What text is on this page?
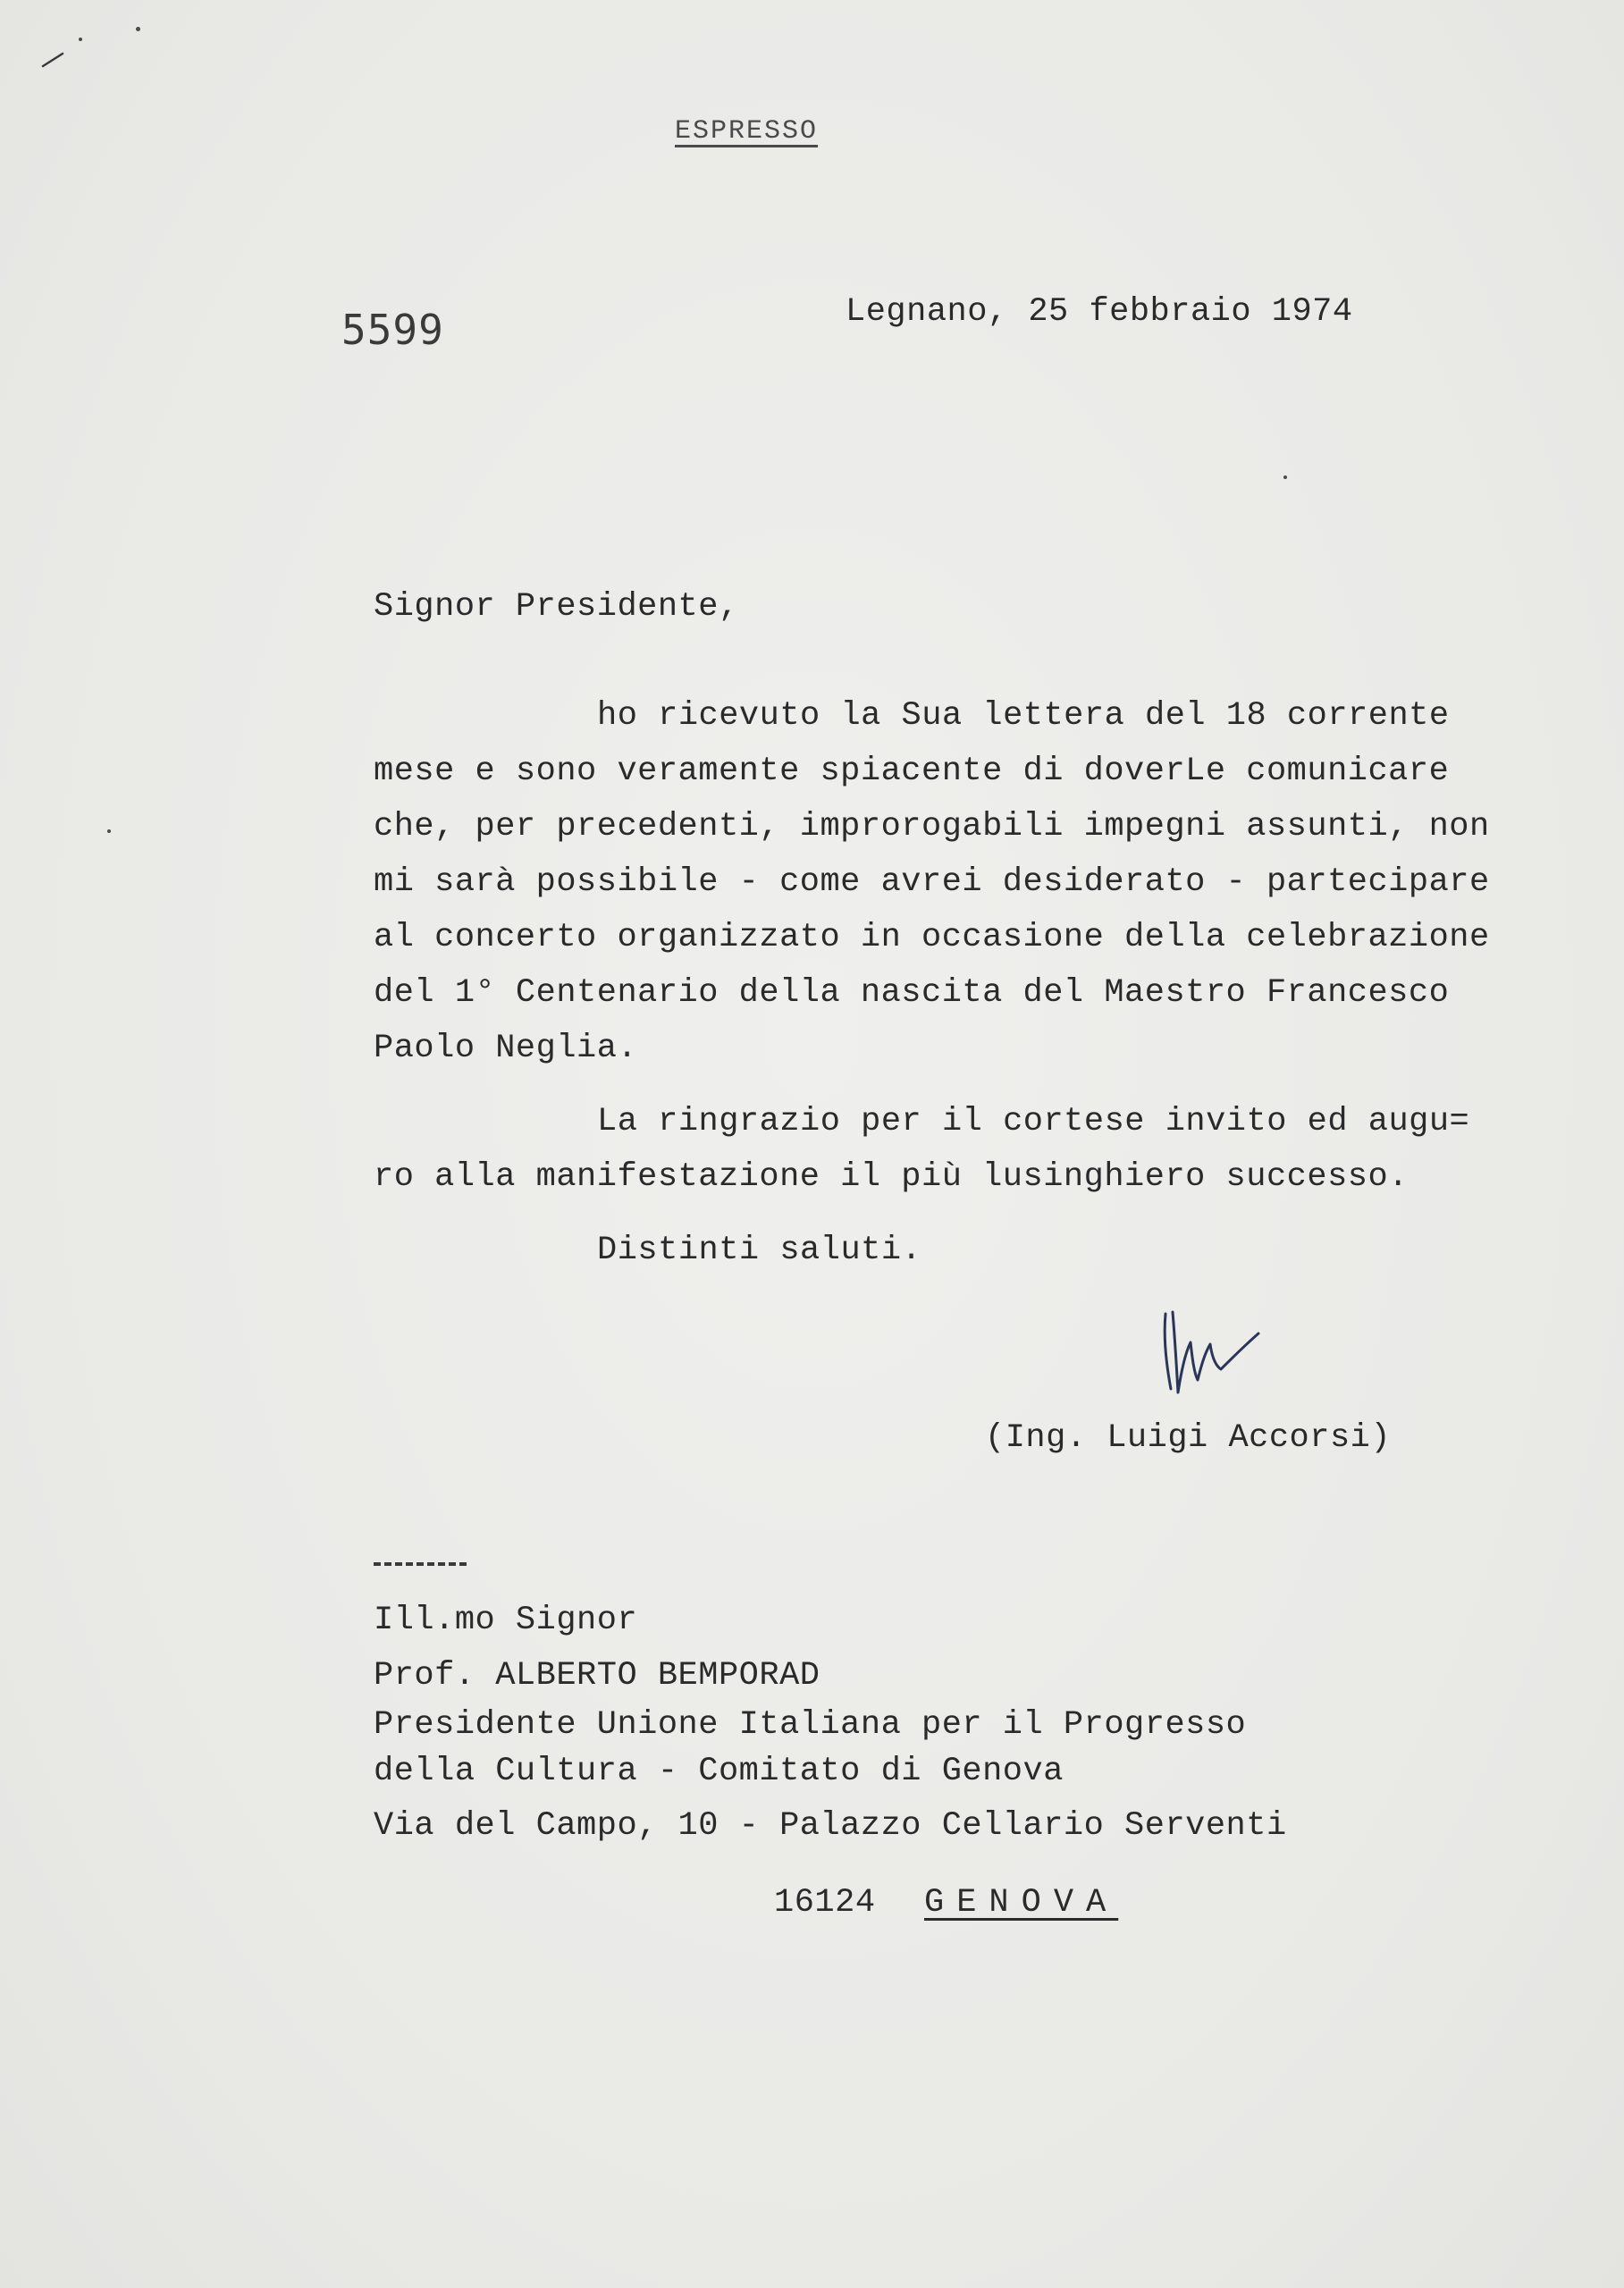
ESPRESSO
5599	Legnano, 25 febbraio 1974
Signor Presidente,
ho ricevuto la Sua lettera del 18 corrente
mese e sono veramente spiacente di doverLe comunicare
che, per precedenti, improrogabili impegni assunti, non
mi sarà possibile - come avrei desiderato - partecipare
al concerto organizzato in occasione della celebrazione
del 1° Centenario della nascita del Maestro Francesco
Paolo Neglia.
La ringrazio per il cortese invito ed augu=
ro alla manifestazione il più lusinghiero successo.
Distinti saluti.
(Ing. Luigi Accorsi)
Ill.mo Signor
Prof. ALBERTO BEMPORAD
Presidente Unione Italiana per il Progresso
della Cultura - Comitato di Genova
Via del Campo, 10 - Palazzo Cellario Serventi
16124 GENOVA
